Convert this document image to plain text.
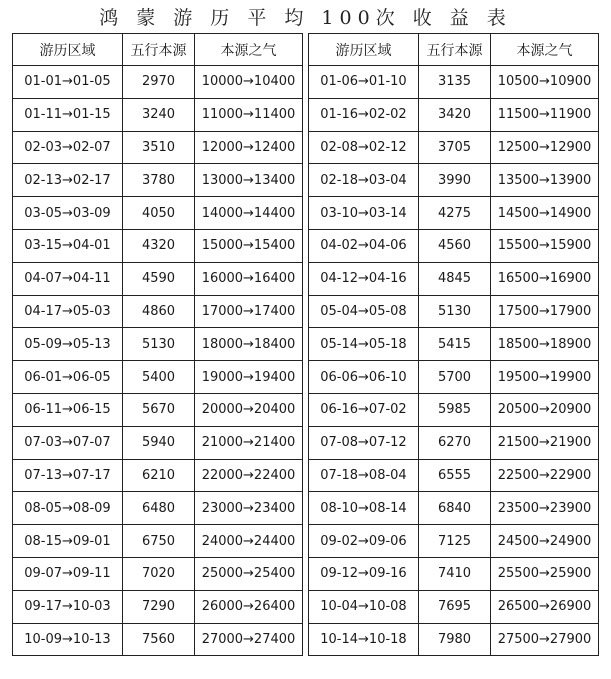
鸿 蒙 游 历 平 均 100次 收 益 表
游历区域	五行本源	本源之气		游历区域	五行本源	本源之气
01-01→01-05	2970	10000→10400		01-06→01-10	3135	10500→10900
01-11→01-15	3240	11000→11400		01-16→02-02	3420	11500→11900
02-03→02-07	3510	12000→12400		02-08→02-12	3705	12500→12900
02-13→02-17	3780	13000→13400		02-18→03-04	3990	13500→13900
03-05→03-09	4050	14000→14400		03-10→03-14	4275	14500→14900
03-15→04-01	4320	15000→15400		04-02→04-06	4560	15500→15900
04-07→04-11	4590	16000→16400		04-12→04-16	4845	16500→16900
04-17→05-03	4860	17000→17400		05-04→05-08	5130	17500→17900
05-09→05-13	5130	18000→18400		05-14→05-18	5415	18500→18900
06-01→06-05	5400	19000→19400		06-06→06-10	5700	19500→19900
06-11→06-15	5670	20000→20400		06-16→07-02	5985	20500→20900
07-03→07-07	5940	21000→21400		07-08→07-12	6270	21500→21900
07-13→07-17	6210	22000→22400		07-18→08-04	6555	22500→22900
08-05→08-09	6480	23000→23400		08-10→08-14	6840	23500→23900
08-15→09-01	6750	24000→24400		09-02→09-06	7125	24500→24900
09-07→09-11	7020	25000→25400		09-12→09-16	7410	25500→25900
09-17→10-03	7290	26000→26400		10-04→10-08	7695	26500→26900
10-09→10-13	7560	27000→27400		10-14→10-18	7980	27500→27900
